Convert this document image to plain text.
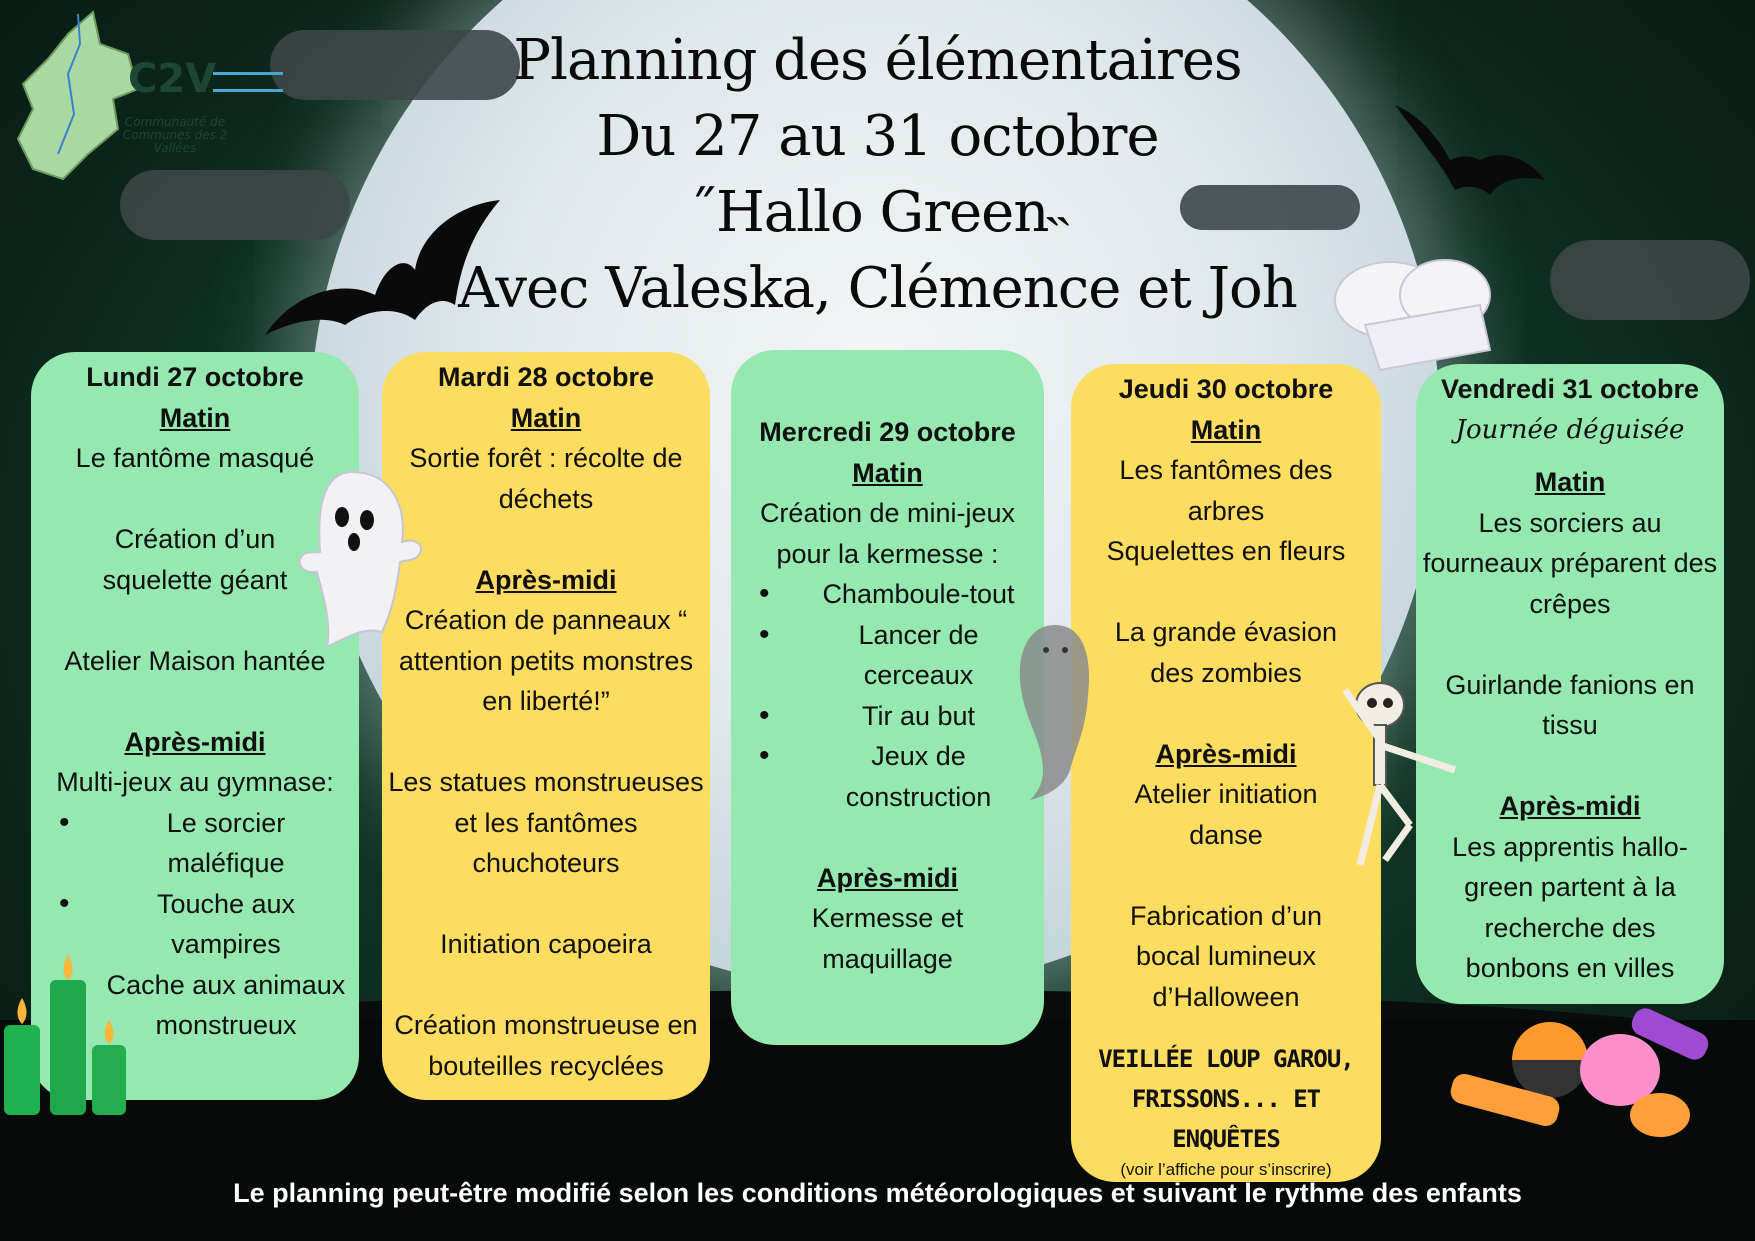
C2V
Communauté de Communes des 2 Vallées
Planning des élémentaires
Du 27 au 31 octobre
˝Hallo Green˵
Avec Valeska, Clémence et Joh

Lundi 27 octobre

Matin

Le fantôme masqué

Création d’un squelette géant

Atelier Maison hantée

Après-midi

Multi-jeux au gymnase:

• Le sorcier maléfique
• Touche aux vampires
• Cache aux animaux monstrueux

Mardi 28 octobre

Matin

Sortie forêt : récolte de déchets

Après-midi

Création de panneaux “ attention petits monstres en liberté!”

Les statues monstrueuses et les fantômes chuchoteurs

Initiation capoeira

Création monstrueuse en bouteilles recyclées

Mercredi 29 octobre

Matin

Création de mini-jeux pour la kermesse :

• Chamboule-tout
• Lancer de cerceaux
• Tir au but
• Jeux de construction

Après-midi

Kermesse et maquillage

Jeudi 30 octobre

Matin

Les fantômes des arbres

Squelettes en fleurs

La grande évasion des zombies

Après-midi

Atelier initiation danse

Fabrication d’un bocal lumineux d’Halloween

VEILLÉE LOUP GAROU,

FRISSONS... ET ENQUÊTES

(voir l’affiche pour s’inscrire)

Vendredi 31 octobre

Journée déguisée

Matin

Les sorciers au fourneaux préparent des crêpes

Guirlande fanions en tissu

Après-midi

Les apprentis hallo-green partent à la recherche des bonbons en villes

Le planning peut-être modifié selon les conditions météorologiques et suivant le rythme des enfants
